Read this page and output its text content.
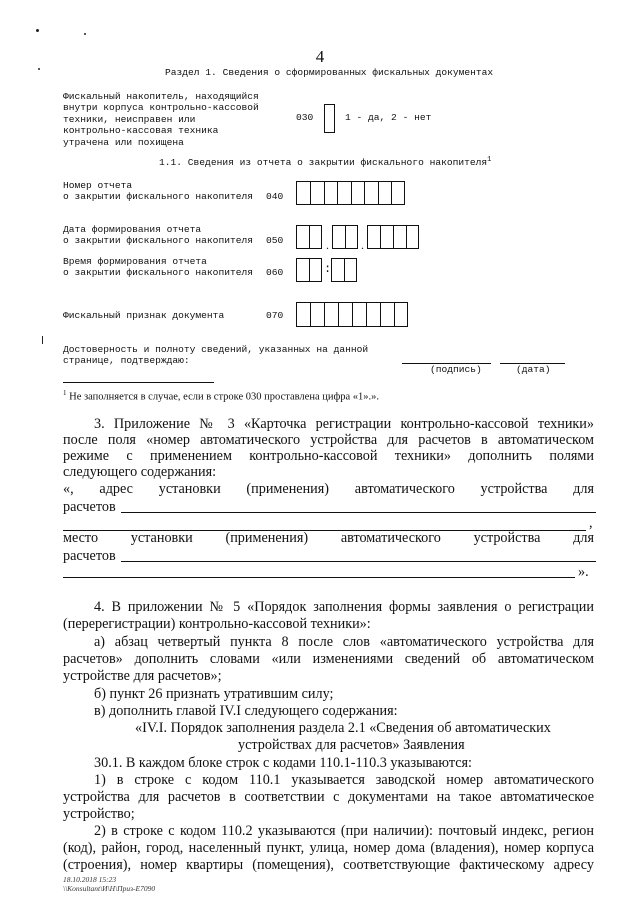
4
Раздел 1. Сведения о сформированных фискальных документах
Фискальный накопитель, находящийся
внутри корпуса контрольно-кассовой
техники, неисправен или
контрольно-кассовая техника
утрачена или похищена
030	1 - да, 2 - нет
1.1. Сведения из отчета о закрытии фискального накопителя$^1$
Номер отчета
о закрытии фискального накопителя 040
Дата формирования отчета
о закрытии фискального накопителя 050	.	.
Время формирования отчета
о закрытии фискального накопителя 060	:
Фискальный признак документа	070
Достоверность и полноту сведений, указанных на данной
странице, подтверждаю:
(подпись)	(дата)
$^1$ Не заполняется в случае, если в строке 030 проставлена цифра «1».».
3. Приложение № 3 «Карточка регистрации контрольно-кассовой техники»
после поля «номер автоматического устройства для расчетов в автоматическом
режиме с применением контрольно-кассовой техники» дополнить полями
следующего содержания:
«, адрес установки (применения) автоматического устройства для
расчетов
,
место установки (применения) автоматического устройства для
расчетов
».
4. В приложении № 5 «Порядок заполнения формы заявления о регистрации
(перерегистрации) контрольно-кассовой техники»:
а) абзац четвертый пункта 8 после слов «автоматического устройства для
расчетов» дополнить словами «или изменениями сведений об автоматическом
устройстве для расчетов»;
б) пункт 26 признать утратившим силу;
в) дополнить главой IV.I следующего содержания:
«IV.I. Порядок заполнения раздела 2.1 «Сведения об автоматических
устройствах для расчетов» Заявления
30.1. В каждом блоке строк с кодами 110.1-110.3 указываются:
1) в строке с кодом 110.1 указывается заводской номер автоматического
устройства для расчетов в соответствии с документами на такое автоматическое
устройство;
2) в строке с кодом 110.2 указываются (при наличии): почтовый индекс, регион
(код), район, город, населенный пункт, улица, номер дома (владения), номер корпуса
(строения), номер квартиры (помещения), соответствующие фактическому адресу
18.10.2018 15:23
\\Konsultant\И\Н\Приз-Е7090
